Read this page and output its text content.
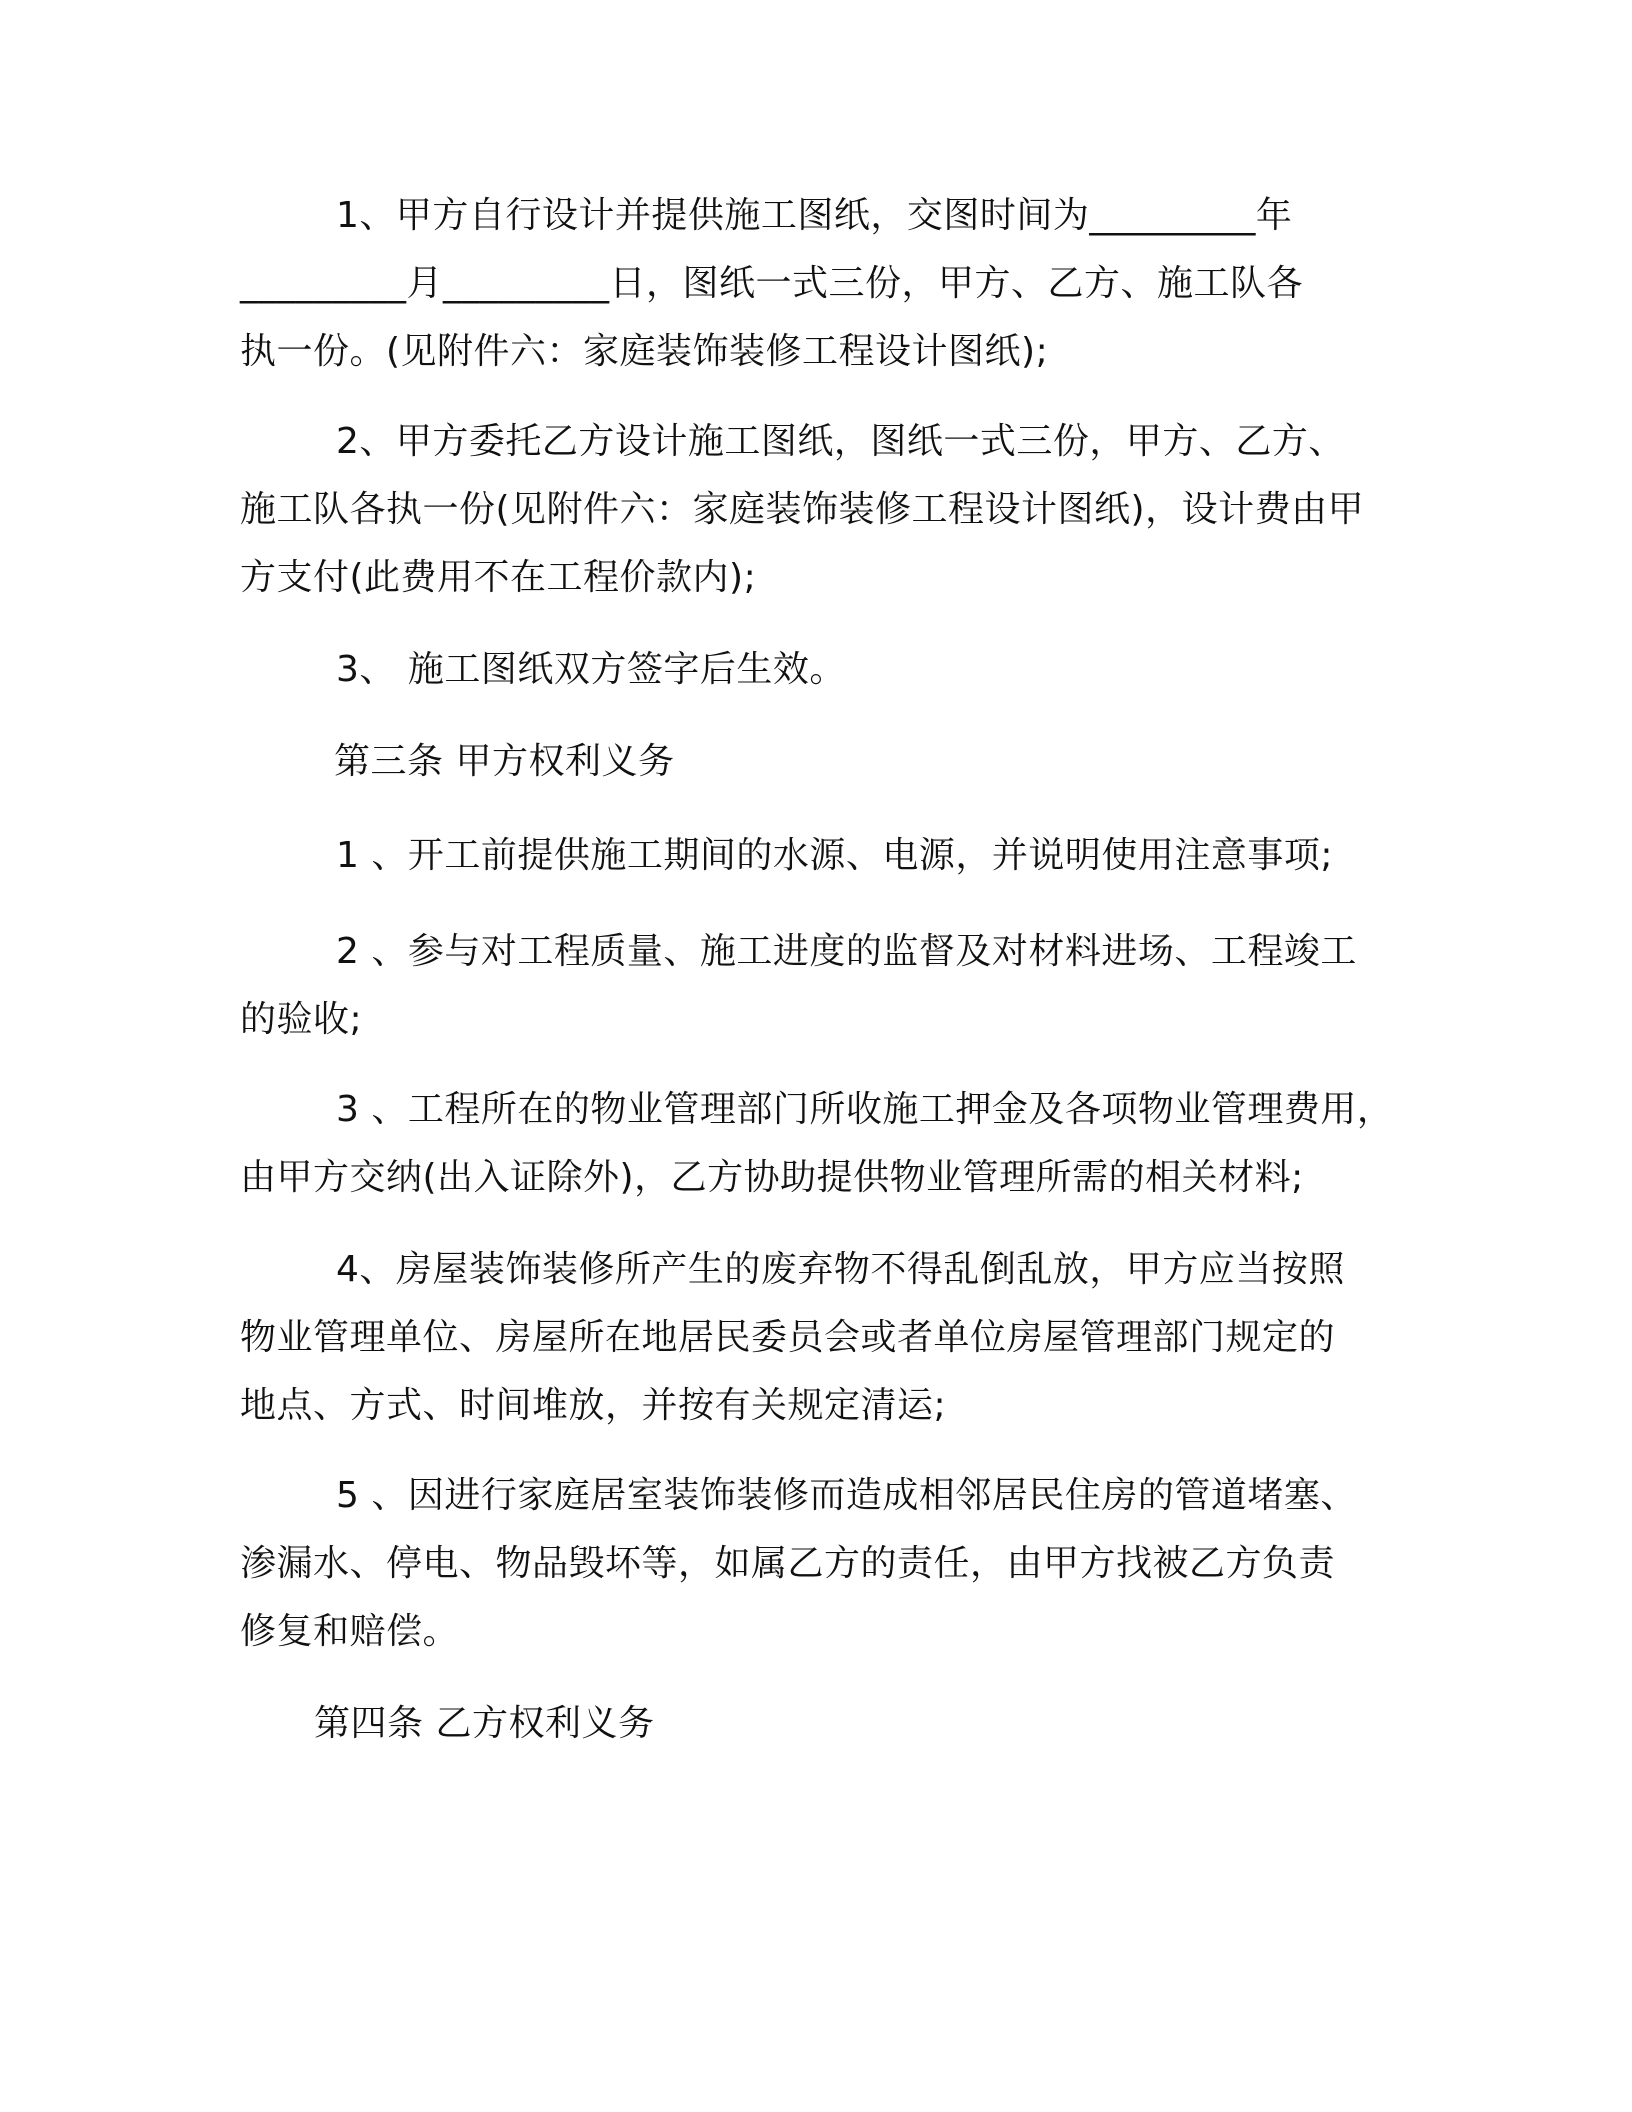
1、甲方自行设计并提供施工图纸，交图时间为_________年
_________月_________日，图纸一式三份，甲方、乙方、施工队各
执一份。(见附件六：家庭装饰装修工程设计图纸);
2、甲方委托乙方设计施工图纸，图纸一式三份，甲方、乙方、
施工队各执一份(见附件六：家庭装饰装修工程设计图纸)，设计费由甲
方支付(此费用不在工程价款内);
3、 施工图纸双方签字后生效。
第三条 甲方权利义务
1 、开工前提供施工期间的水源、电源，并说明使用注意事项;
2 、参与对工程质量、施工进度的监督及对材料进场、工程竣工
的验收;
3 、工程所在的物业管理部门所收施工押金及各项物业管理费用，
由甲方交纳(出入证除外)，乙方协助提供物业管理所需的相关材料;
4、房屋装饰装修所产生的废弃物不得乱倒乱放，甲方应当按照
物业管理单位、房屋所在地居民委员会或者单位房屋管理部门规定的
地点、方式、时间堆放，并按有关规定清运;
5 、因进行家庭居室装饰装修而造成相邻居民住房的管道堵塞、
渗漏水、停电、物品毁坏等，如属乙方的责任，由甲方找被乙方负责
修复和赔偿。
第四条 乙方权利义务
